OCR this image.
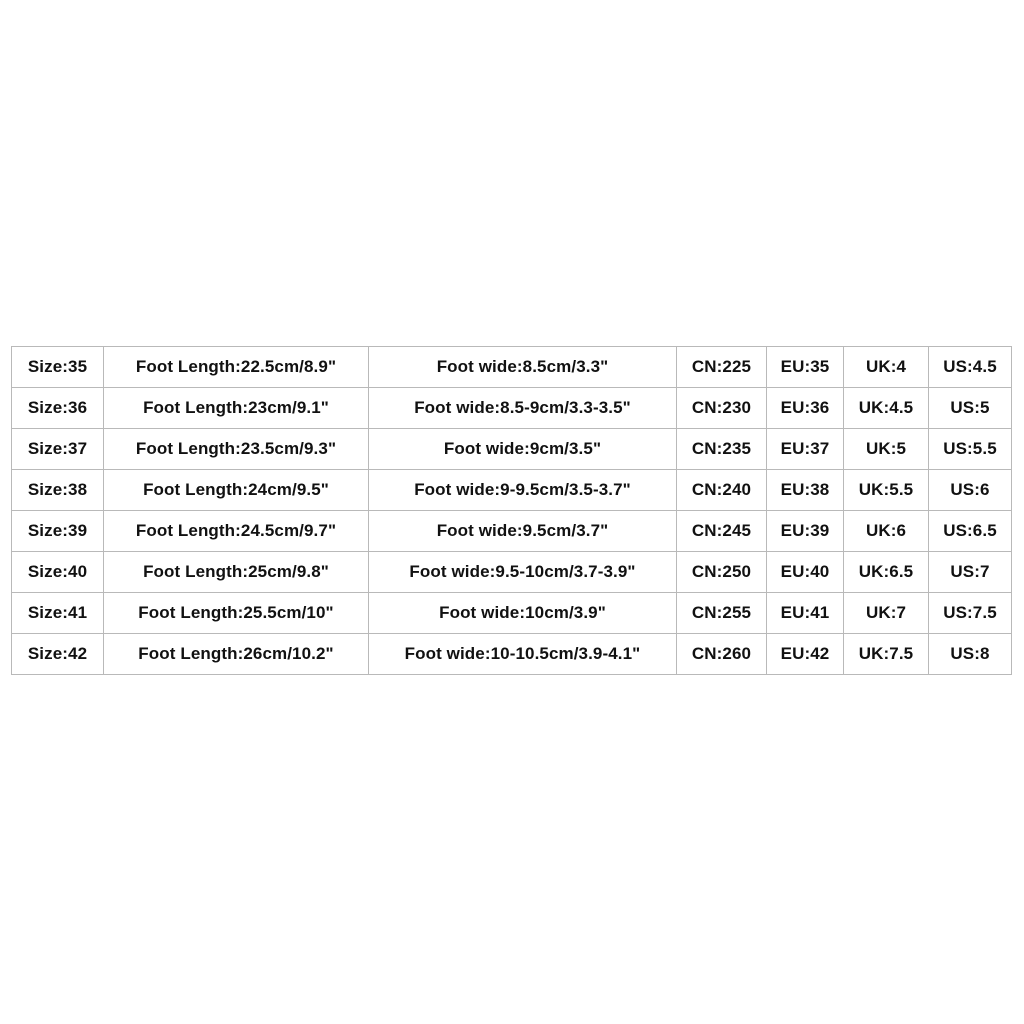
Size:35	Foot Length:22.5cm/8.9"	Foot wide:8.5cm/3.3"	CN:225	EU:35	UK:4	US:4.5
Size:36	Foot Length:23cm/9.1"	Foot wide:8.5-9cm/3.3-3.5"	CN:230	EU:36	UK:4.5	US:5
Size:37	Foot Length:23.5cm/9.3"	Foot wide:9cm/3.5"	CN:235	EU:37	UK:5	US:5.5
Size:38	Foot Length:24cm/9.5"	Foot wide:9-9.5cm/3.5-3.7"	CN:240	EU:38	UK:5.5	US:6
Size:39	Foot Length:24.5cm/9.7"	Foot wide:9.5cm/3.7"	CN:245	EU:39	UK:6	US:6.5
Size:40	Foot Length:25cm/9.8"	Foot wide:9.5-10cm/3.7-3.9"	CN:250	EU:40	UK:6.5	US:7
Size:41	Foot Length:25.5cm/10"	Foot wide:10cm/3.9"	CN:255	EU:41	UK:7	US:7.5
Size:42	Foot Length:26cm/10.2"	Foot wide:10-10.5cm/3.9-4.1"	CN:260	EU:42	UK:7.5	US:8
